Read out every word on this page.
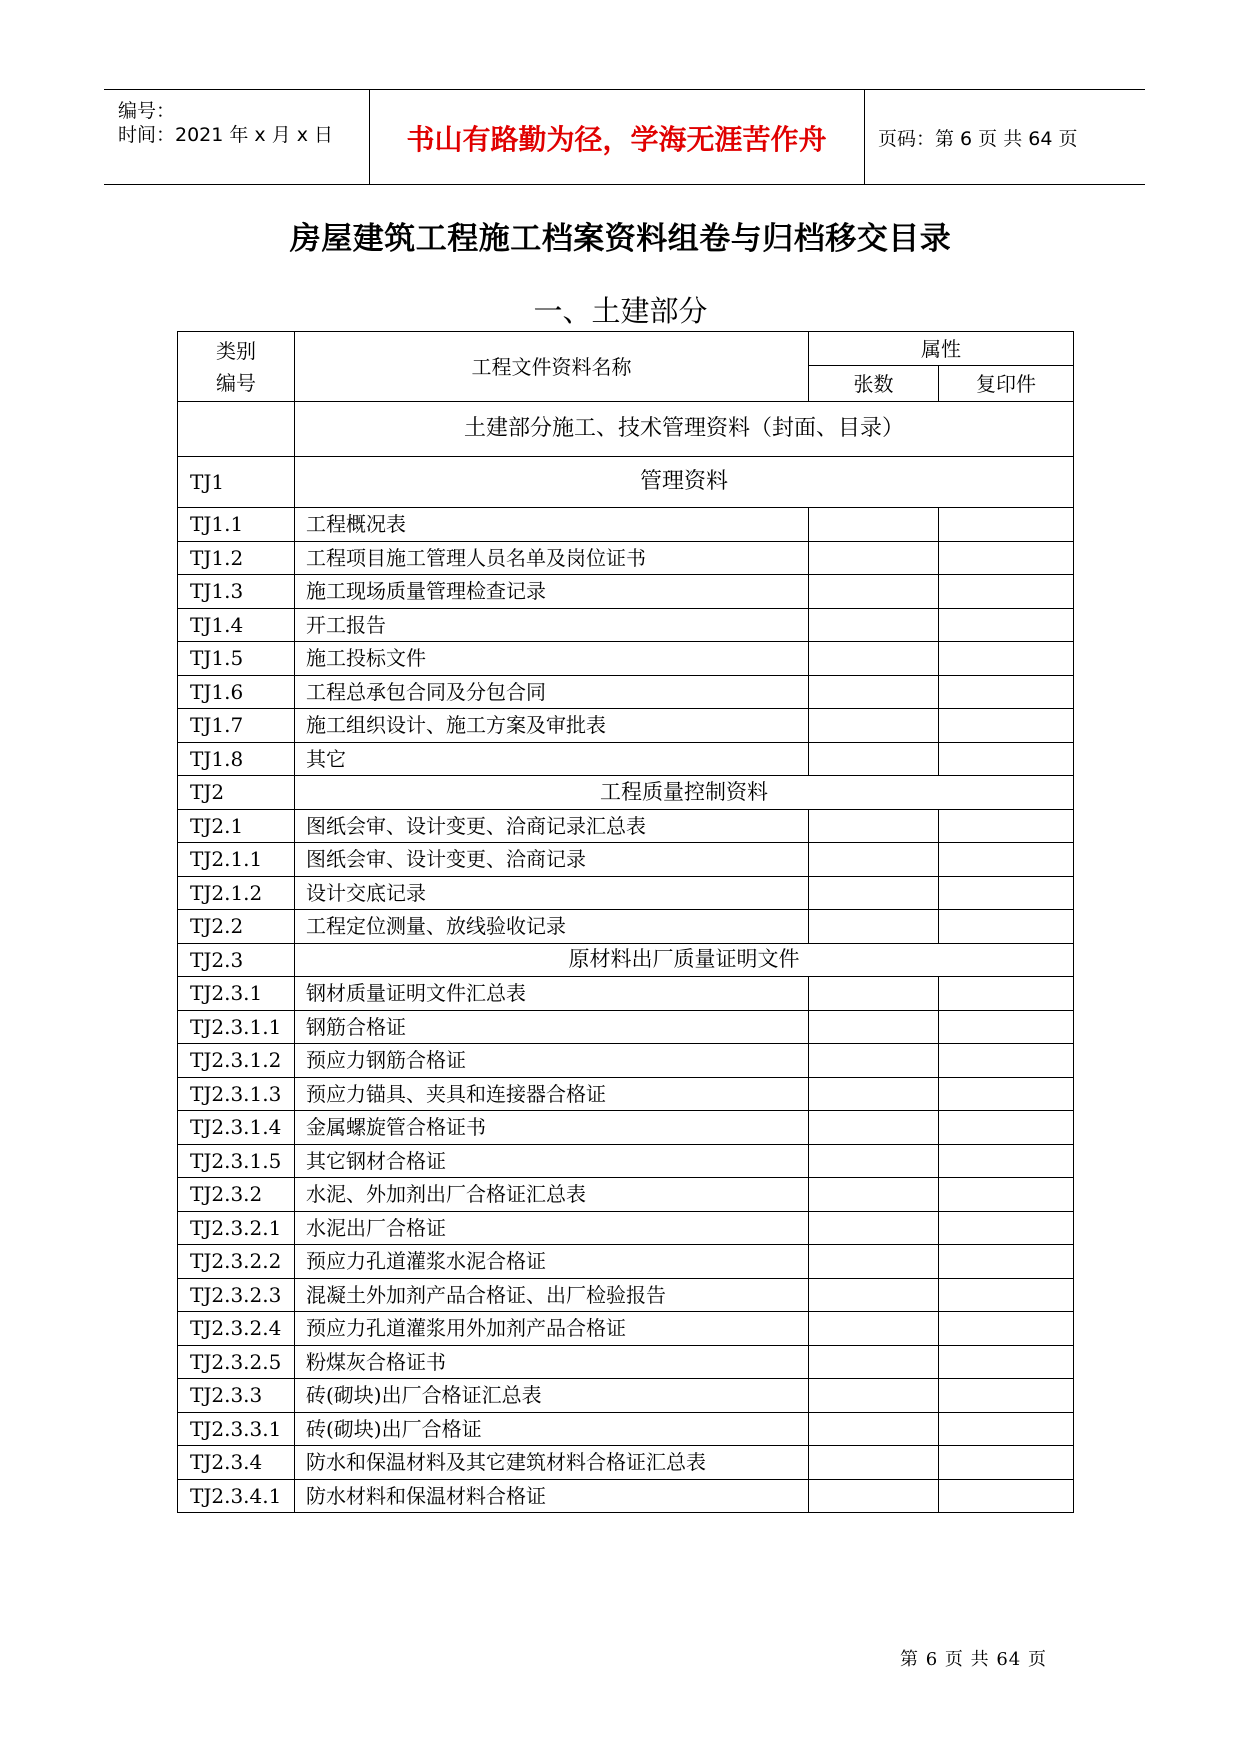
编号：
时间：2021 年 x 月 x 日	书山有路勤为径，学海无涯苦作舟	页码：第 6 页 共 64 页
房屋建筑工程施工档案资料组卷与归档移交目录
一、土建部分
类别
编号	工程文件资料名称	属性	
		张数	复印件
	土建部分施工、技术管理资料（封面、目录）		
TJ1	管理资料		
TJ1.1	工程概况表		
TJ1.2	工程项目施工管理人员名单及岗位证书		
TJ1.3	施工现场质量管理检查记录		
TJ1.4	开工报告		
TJ1.5	施工投标文件		
TJ1.6	工程总承包合同及分包合同		
TJ1.7	施工组织设计、施工方案及审批表		
TJ1.8	其它		
TJ2	工程质量控制资料		
TJ2.1	图纸会审、设计变更、洽商记录汇总表		
TJ2.1.1	图纸会审、设计变更、洽商记录		
TJ2.1.2	设计交底记录		
TJ2.2	工程定位测量、放线验收记录		
TJ2.3	原材料出厂质量证明文件		
TJ2.3.1	钢材质量证明文件汇总表		
TJ2.3.1.1	钢筋合格证		
TJ2.3.1.2	预应力钢筋合格证		
TJ2.3.1.3	预应力锚具、夹具和连接器合格证		
TJ2.3.1.4	金属螺旋管合格证书		
TJ2.3.1.5	其它钢材合格证		
TJ2.3.2	水泥、外加剂出厂合格证汇总表		
TJ2.3.2.1	水泥出厂合格证		
TJ2.3.2.2	预应力孔道灌浆水泥合格证		
TJ2.3.2.3	混凝土外加剂产品合格证、出厂检验报告		
TJ2.3.2.4	预应力孔道灌浆用外加剂产品合格证		
TJ2.3.2.5	粉煤灰合格证书		
TJ2.3.3	砖(砌块)出厂合格证汇总表		
TJ2.3.3.1	砖(砌块)出厂合格证		
TJ2.3.4	防水和保温材料及其它建筑材料合格证汇总表		
TJ2.3.4.1	防水材料和保温材料合格证		
第 6 页 共 64 页
